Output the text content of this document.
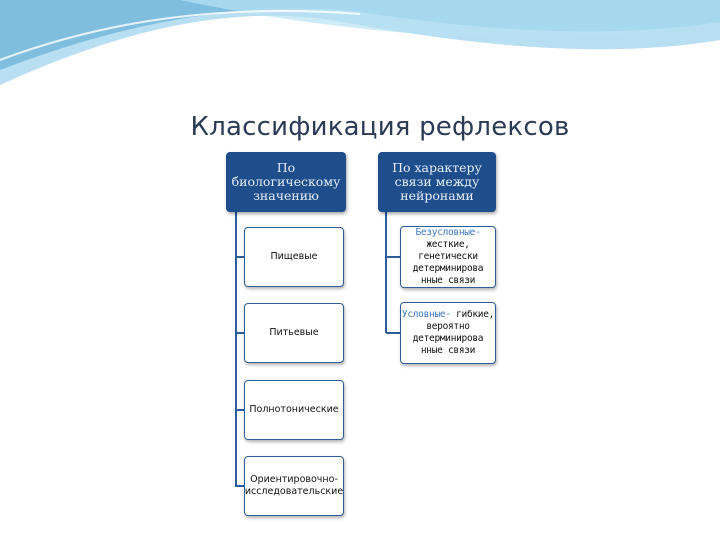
Классификация рефлексов
По биологическому значению
По характеру связи между нейронами
Пищевые
Питьевые
Полнотонические
Ориентировочно-исследовательские
Безусловные- жесткие, генетически детерминирова нные связи
Условные- гибкие, вероятно детерминирова нные связи
